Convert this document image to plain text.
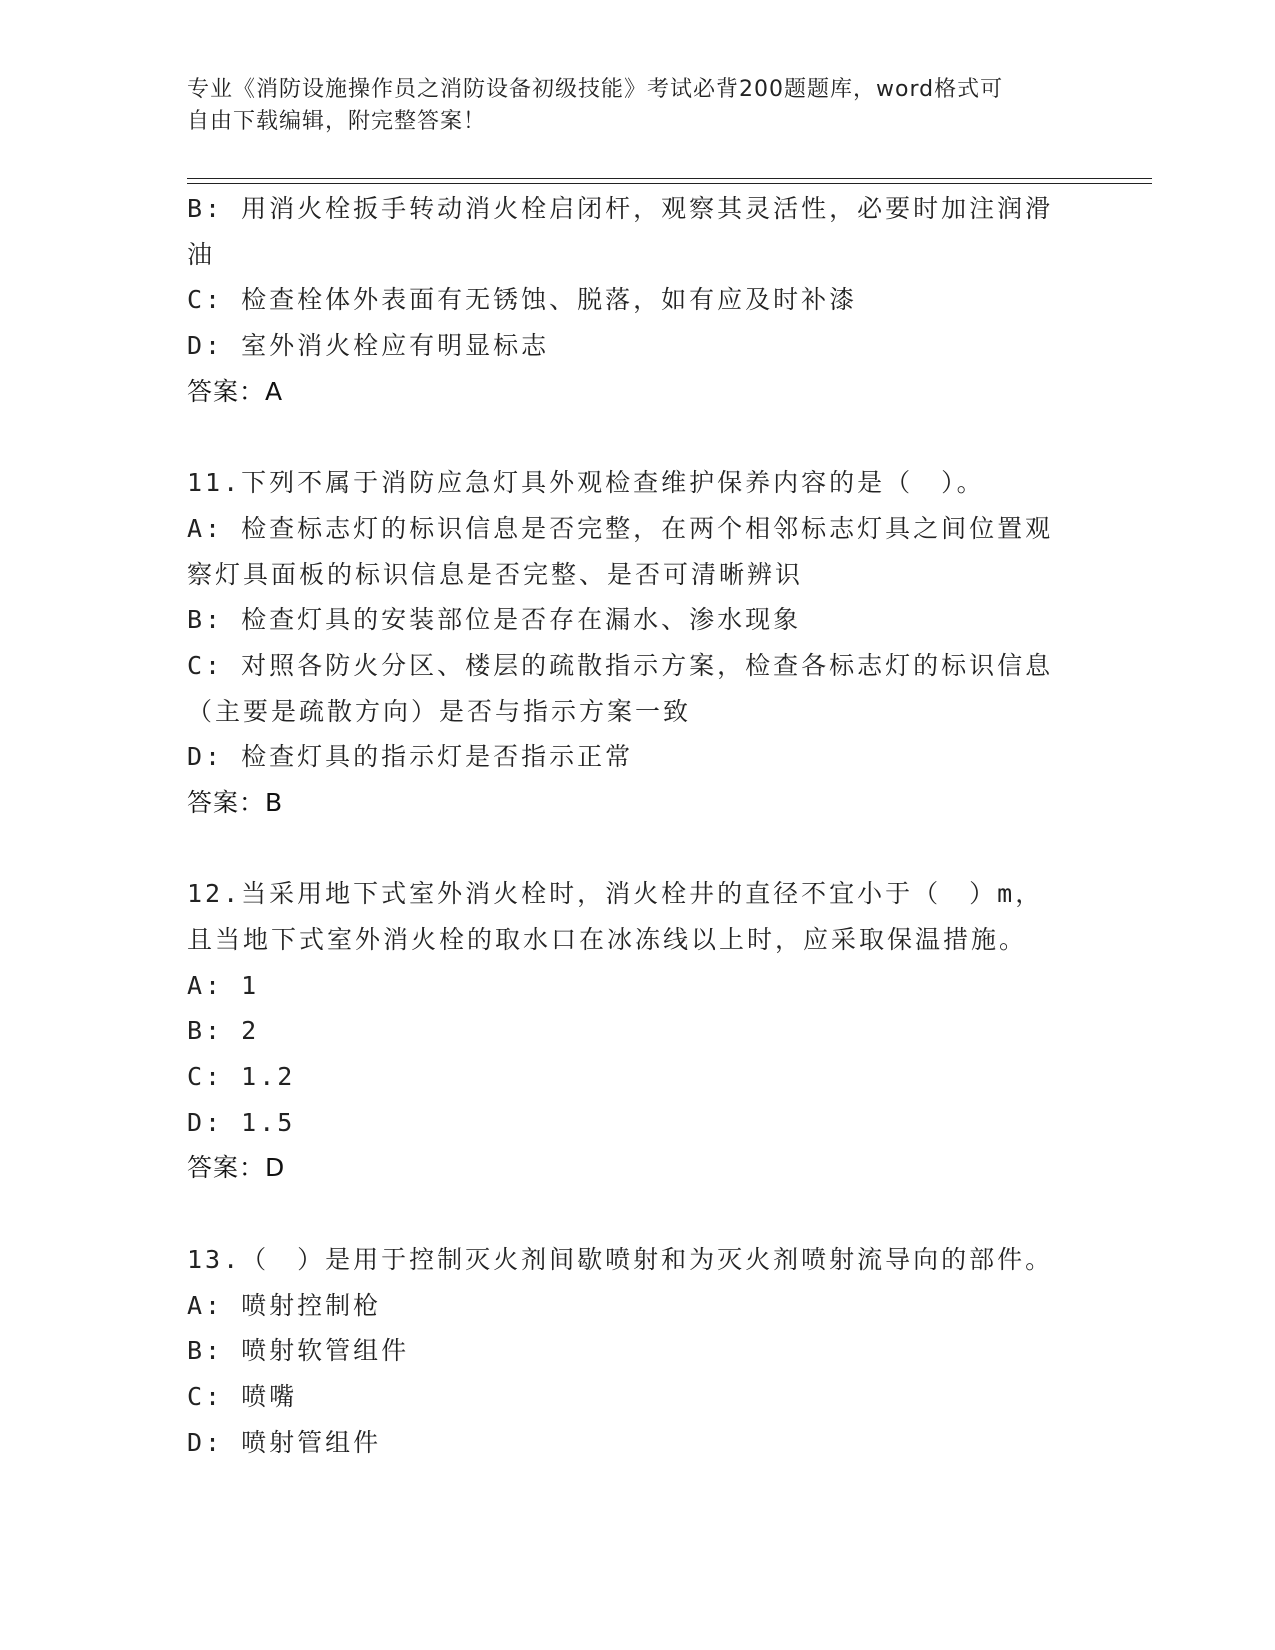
专业《消防设施操作员之消防设备初级技能》考试必背200题题库，word格式可
自由下载编辑，附完整答案！
B: 用消火栓扳手转动消火栓启闭杆，观察其灵活性，必要时加注润滑
油
C: 检查栓体外表面有无锈蚀、脱落，如有应及时补漆
D: 室外消火栓应有明显标志
答案：A
11.下列不属于消防应急灯具外观检查维护保养内容的是（　）。
A: 检查标志灯的标识信息是否完整，在两个相邻标志灯具之间位置观
察灯具面板的标识信息是否完整、是否可清晰辨识
B: 检查灯具的安装部位是否存在漏水、渗水现象
C: 对照各防火分区、楼层的疏散指示方案，检查各标志灯的标识信息
（主要是疏散方向）是否与指示方案一致
D: 检查灯具的指示灯是否指示正常
答案：B
12.当采用地下式室外消火栓时，消火栓井的直径不宜小于（　）m，
且当地下式室外消火栓的取水口在冰冻线以上时，应采取保温措施。
A: 1
B: 2
C: 1.2
D: 1.5
答案：D
13.（　）是用于控制灭火剂间歇喷射和为灭火剂喷射流导向的部件。
A: 喷射控制枪
B: 喷射软管组件
C: 喷嘴
D: 喷射管组件
